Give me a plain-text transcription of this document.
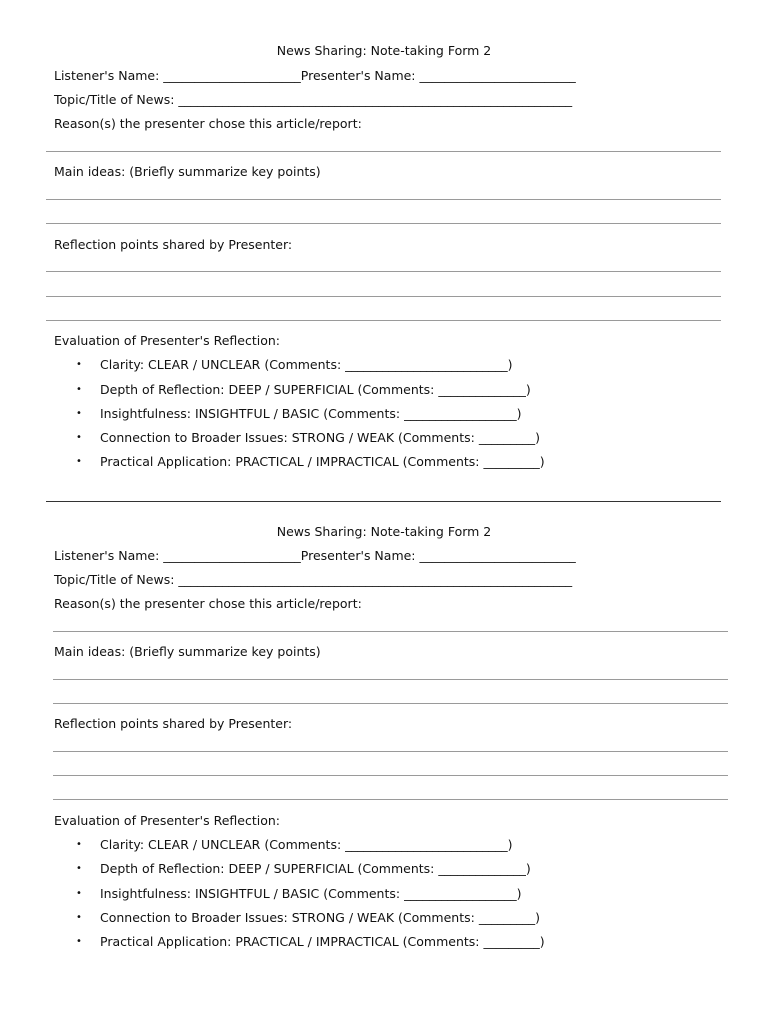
News Sharing: Note-taking Form 2
Listener's Name: ______________________Presenter's Name: _________________________
Topic/Title of News: _______________________________________________________________
Reason(s) the presenter chose this article/report:
Main ideas: (Briefly summarize key points)
Reflection points shared by Presenter:
Evaluation of Presenter's Reflection:

•

Clarity: CLEAR / UNCLEAR (Comments: __________________________)

•

Depth of Reflection: DEEP / SUPERFICIAL (Comments: ______________)

•

Insightfulness: INSIGHTFUL / BASIC (Comments: __________________)

•

Connection to Broader Issues: STRONG / WEAK (Comments: _________)

•

Practical Application: PRACTICAL / IMPRACTICAL (Comments: _________)

News Sharing: Note-taking Form 2
Listener's Name: ______________________Presenter's Name: _________________________
Topic/Title of News: _______________________________________________________________
Reason(s) the presenter chose this article/report:
Main ideas: (Briefly summarize key points)
Reflection points shared by Presenter:
Evaluation of Presenter's Reflection:

•

Clarity: CLEAR / UNCLEAR (Comments: __________________________)

•

Depth of Reflection: DEEP / SUPERFICIAL (Comments: ______________)

•

Insightfulness: INSIGHTFUL / BASIC (Comments: __________________)

•

Connection to Broader Issues: STRONG / WEAK (Comments: _________)

•

Practical Application: PRACTICAL / IMPRACTICAL (Comments: _________)
